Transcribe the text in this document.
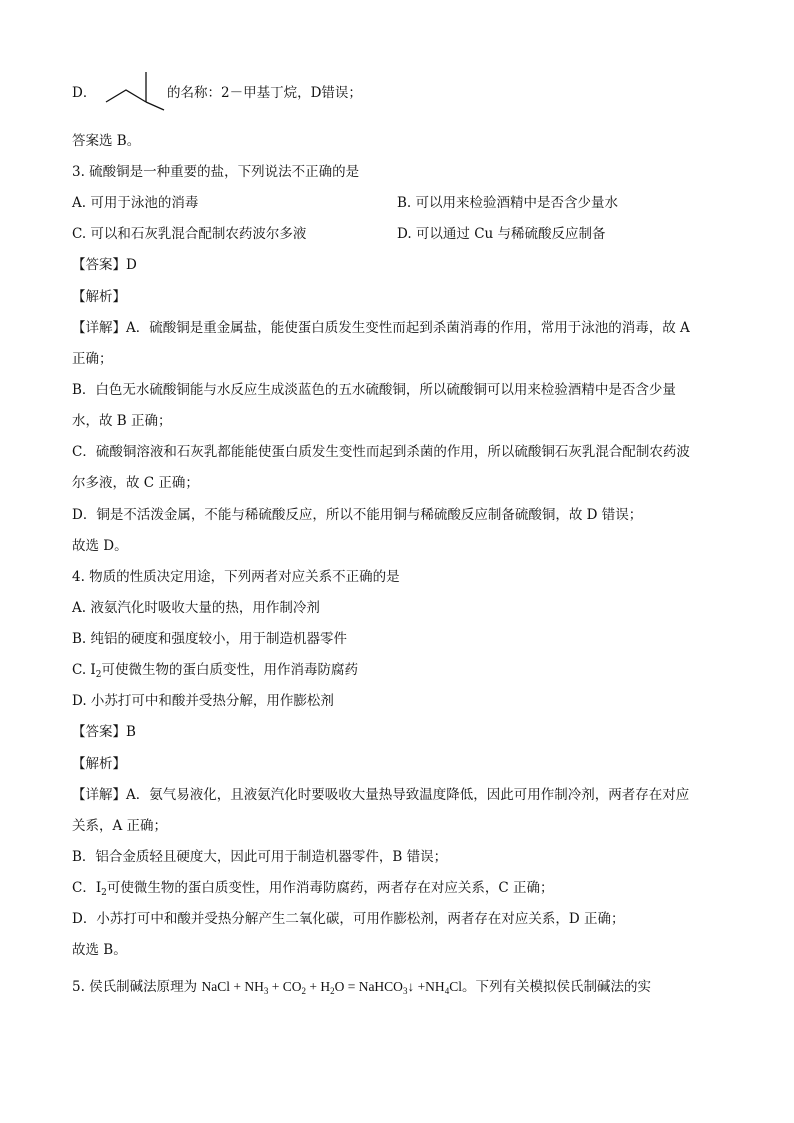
D．	的名称：2－甲基丁烷，D错误；
答案选 B。
3. 硫酸铜是一种重要的盐，下列说法不正确的是
A. 可用于泳池的消毒	B. 可以用来检验酒精中是否含少量水
C. 可以和石灰乳混合配制农药波尔多液	D. 可以通过 Cu 与稀硫酸反应制备
【答案】D
【解析】
【详解】A．硫酸铜是重金属盐，能使蛋白质发生变性而起到杀菌消毒的作用，常用于泳池的消毒，故 A
正确；
B．白色无水硫酸铜能与水反应生成淡蓝色的五水硫酸铜，所以硫酸铜可以用来检验酒精中是否含少量
水，故 B 正确；
C．硫酸铜溶液和石灰乳都能能使蛋白质发生变性而起到杀菌的作用，所以硫酸铜石灰乳混合配制农药波
尔多液，故 C 正确；
D．铜是不活泼金属，不能与稀硫酸反应，所以不能用铜与稀硫酸反应制备硫酸铜，故 D 错误；
故选 D。
4. 物质的性质决定用途，下列两者对应关系不正确的是
A. 液氨汽化时吸收大量的热，用作制冷剂
B. 纯铝的硬度和强度较小，用于制造机器零件
C. $I_2$可使微生物的蛋白质变性，用作消毒防腐药
D. 小苏打可中和酸并受热分解，用作膨松剂
【答案】B
【解析】
【详解】A．氨气易液化，且液氨汽化时要吸收大量热导致温度降低，因此可用作制冷剂，两者存在对应
关系，A 正确；
B．铝合金质轻且硬度大，因此可用于制造机器零件，B 错误；
C．$I_2$可使微生物的蛋白质变性，用作消毒防腐药，两者存在对应关系，C 正确；
D．小苏打可中和酸并受热分解产生二氧化碳，可用作膨松剂，两者存在对应关系，D 正确；
故选 B。
5. 侯氏制碱法原理为 NaCl + $NH_3 + CO_2 + H_2O$ = NaHCO$_3$↓ $+NH_4Cl$。下列有关模拟侯氏制碱法的实
